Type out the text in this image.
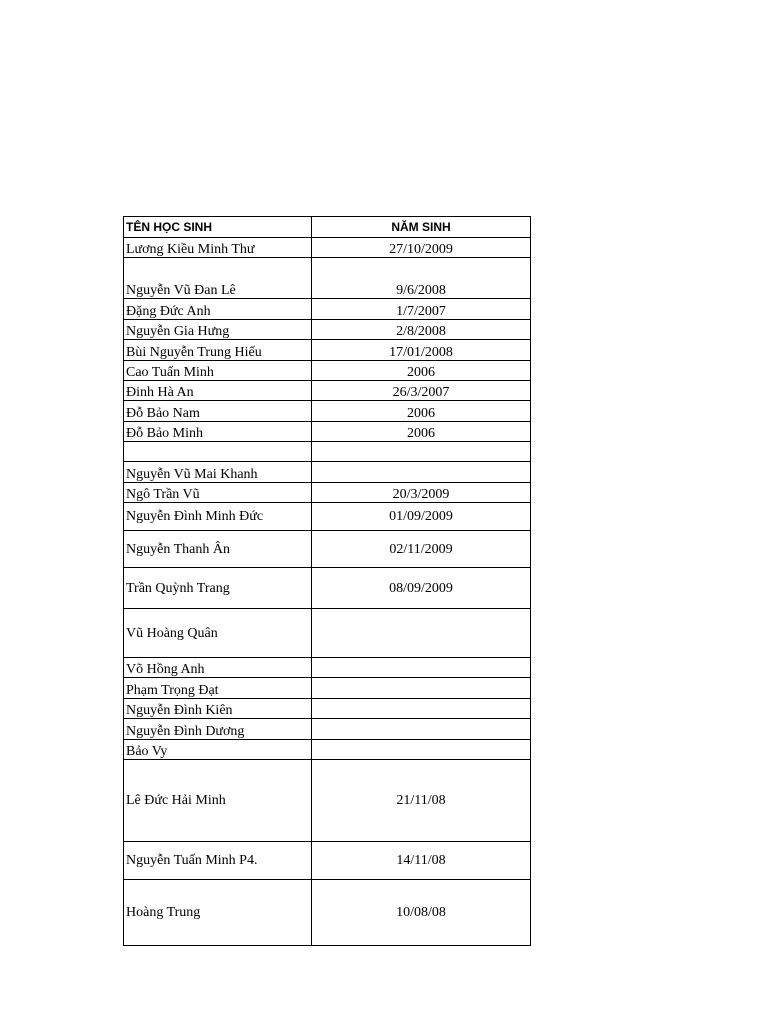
TÊN HỌC SINH	NĂM SINH
Lương Kiều Minh Thư	27/10/2009
Nguyễn Vũ Đan Lê	9/6/2008
Đặng Đức Anh	1/7/2007
Nguyễn Gia Hưng	2/8/2008
Bùi Nguyễn Trung Hiếu	17/01/2008
Cao Tuấn Minh	2006
Đinh Hà An	26/3/2007
Đỗ Bảo Nam	2006
Đỗ Bảo Minh	2006

Nguyễn Vũ Mai Khanh	
Ngô Trần Vũ	20/3/2009
Nguyễn Đình Minh Đức	01/09/2009
Nguyễn Thanh Ân	02/11/2009
Trần Quỳnh Trang	08/09/2009
Vũ Hoàng Quân	
Võ Hồng Anh	
Phạm Trọng Đạt	
Nguyễn Đình Kiên	
Nguyễn Đình Dương	
Bảo Vy	
Lê Đức Hải Minh	21/11/08
Nguyễn Tuấn Minh P4.	14/11/08
Hoàng Trung	10/08/08
